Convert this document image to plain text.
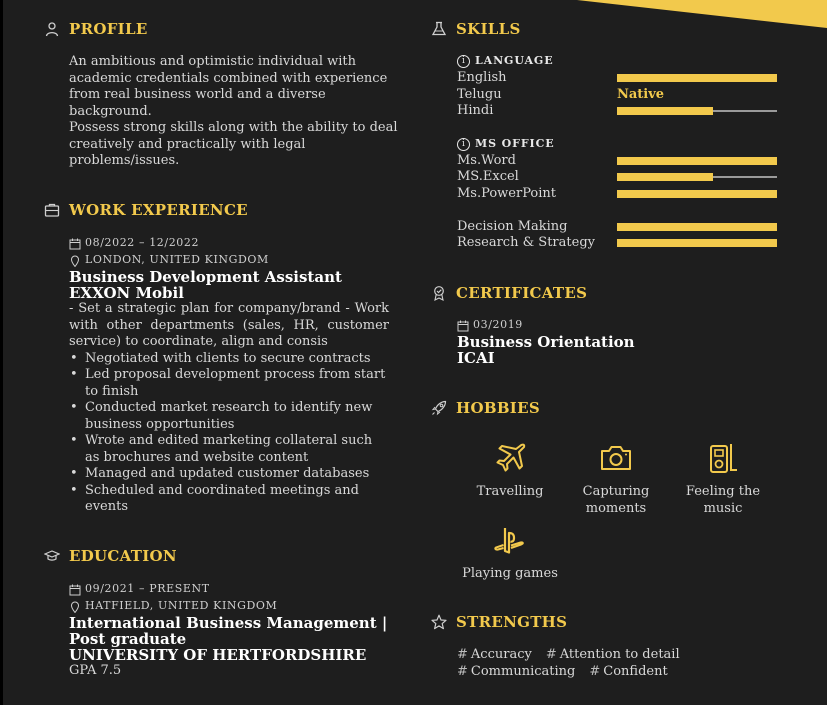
PROFILE
An ambitious and optimistic individual with
academic credentials combined with experience
from real business world and a diverse
background.
Possess strong skills along with the ability to deal
creatively and practically with legal
problems/issues.
WORK EXPERIENCE
08/2022 – 12/2022
LONDON, UNITED KINGDOM
Business Development Assistant
EXXON Mobil
- Set a strategic plan for company/brand - Work with other departments (sales, HR, customer service) to coordinate, align and consis
• Negotiated with clients to secure contracts
• Led proposal development process from start to finish
• Conducted market research to identify new business opportunities
• Wrote and edited marketing collateral such as brochures and website content
• Managed and updated customer databases
• Scheduled and coordinated meetings and events
EDUCATION
09/2021 – PRESENT
HATFIELD, UNITED KINGDOM
International Business Management | Post graduate
UNIVERSITY OF HERTFORDSHIRE
GPA 7.5
SKILLS
i LANGUAGE
English
Telugu	Native
Hindi
i MS OFFICE
Ms.Word
MS.Excel
Ms.PowerPoint
Decision Making
Research & Strategy
CERTIFICATES
03/2019
Business Orientation
ICAI
HOBBIES
Travelling	Capturing moments
Feeling the music
Playing games
STRENGTHS
# Accuracy # Attention to detail
# Communicating # Confident
